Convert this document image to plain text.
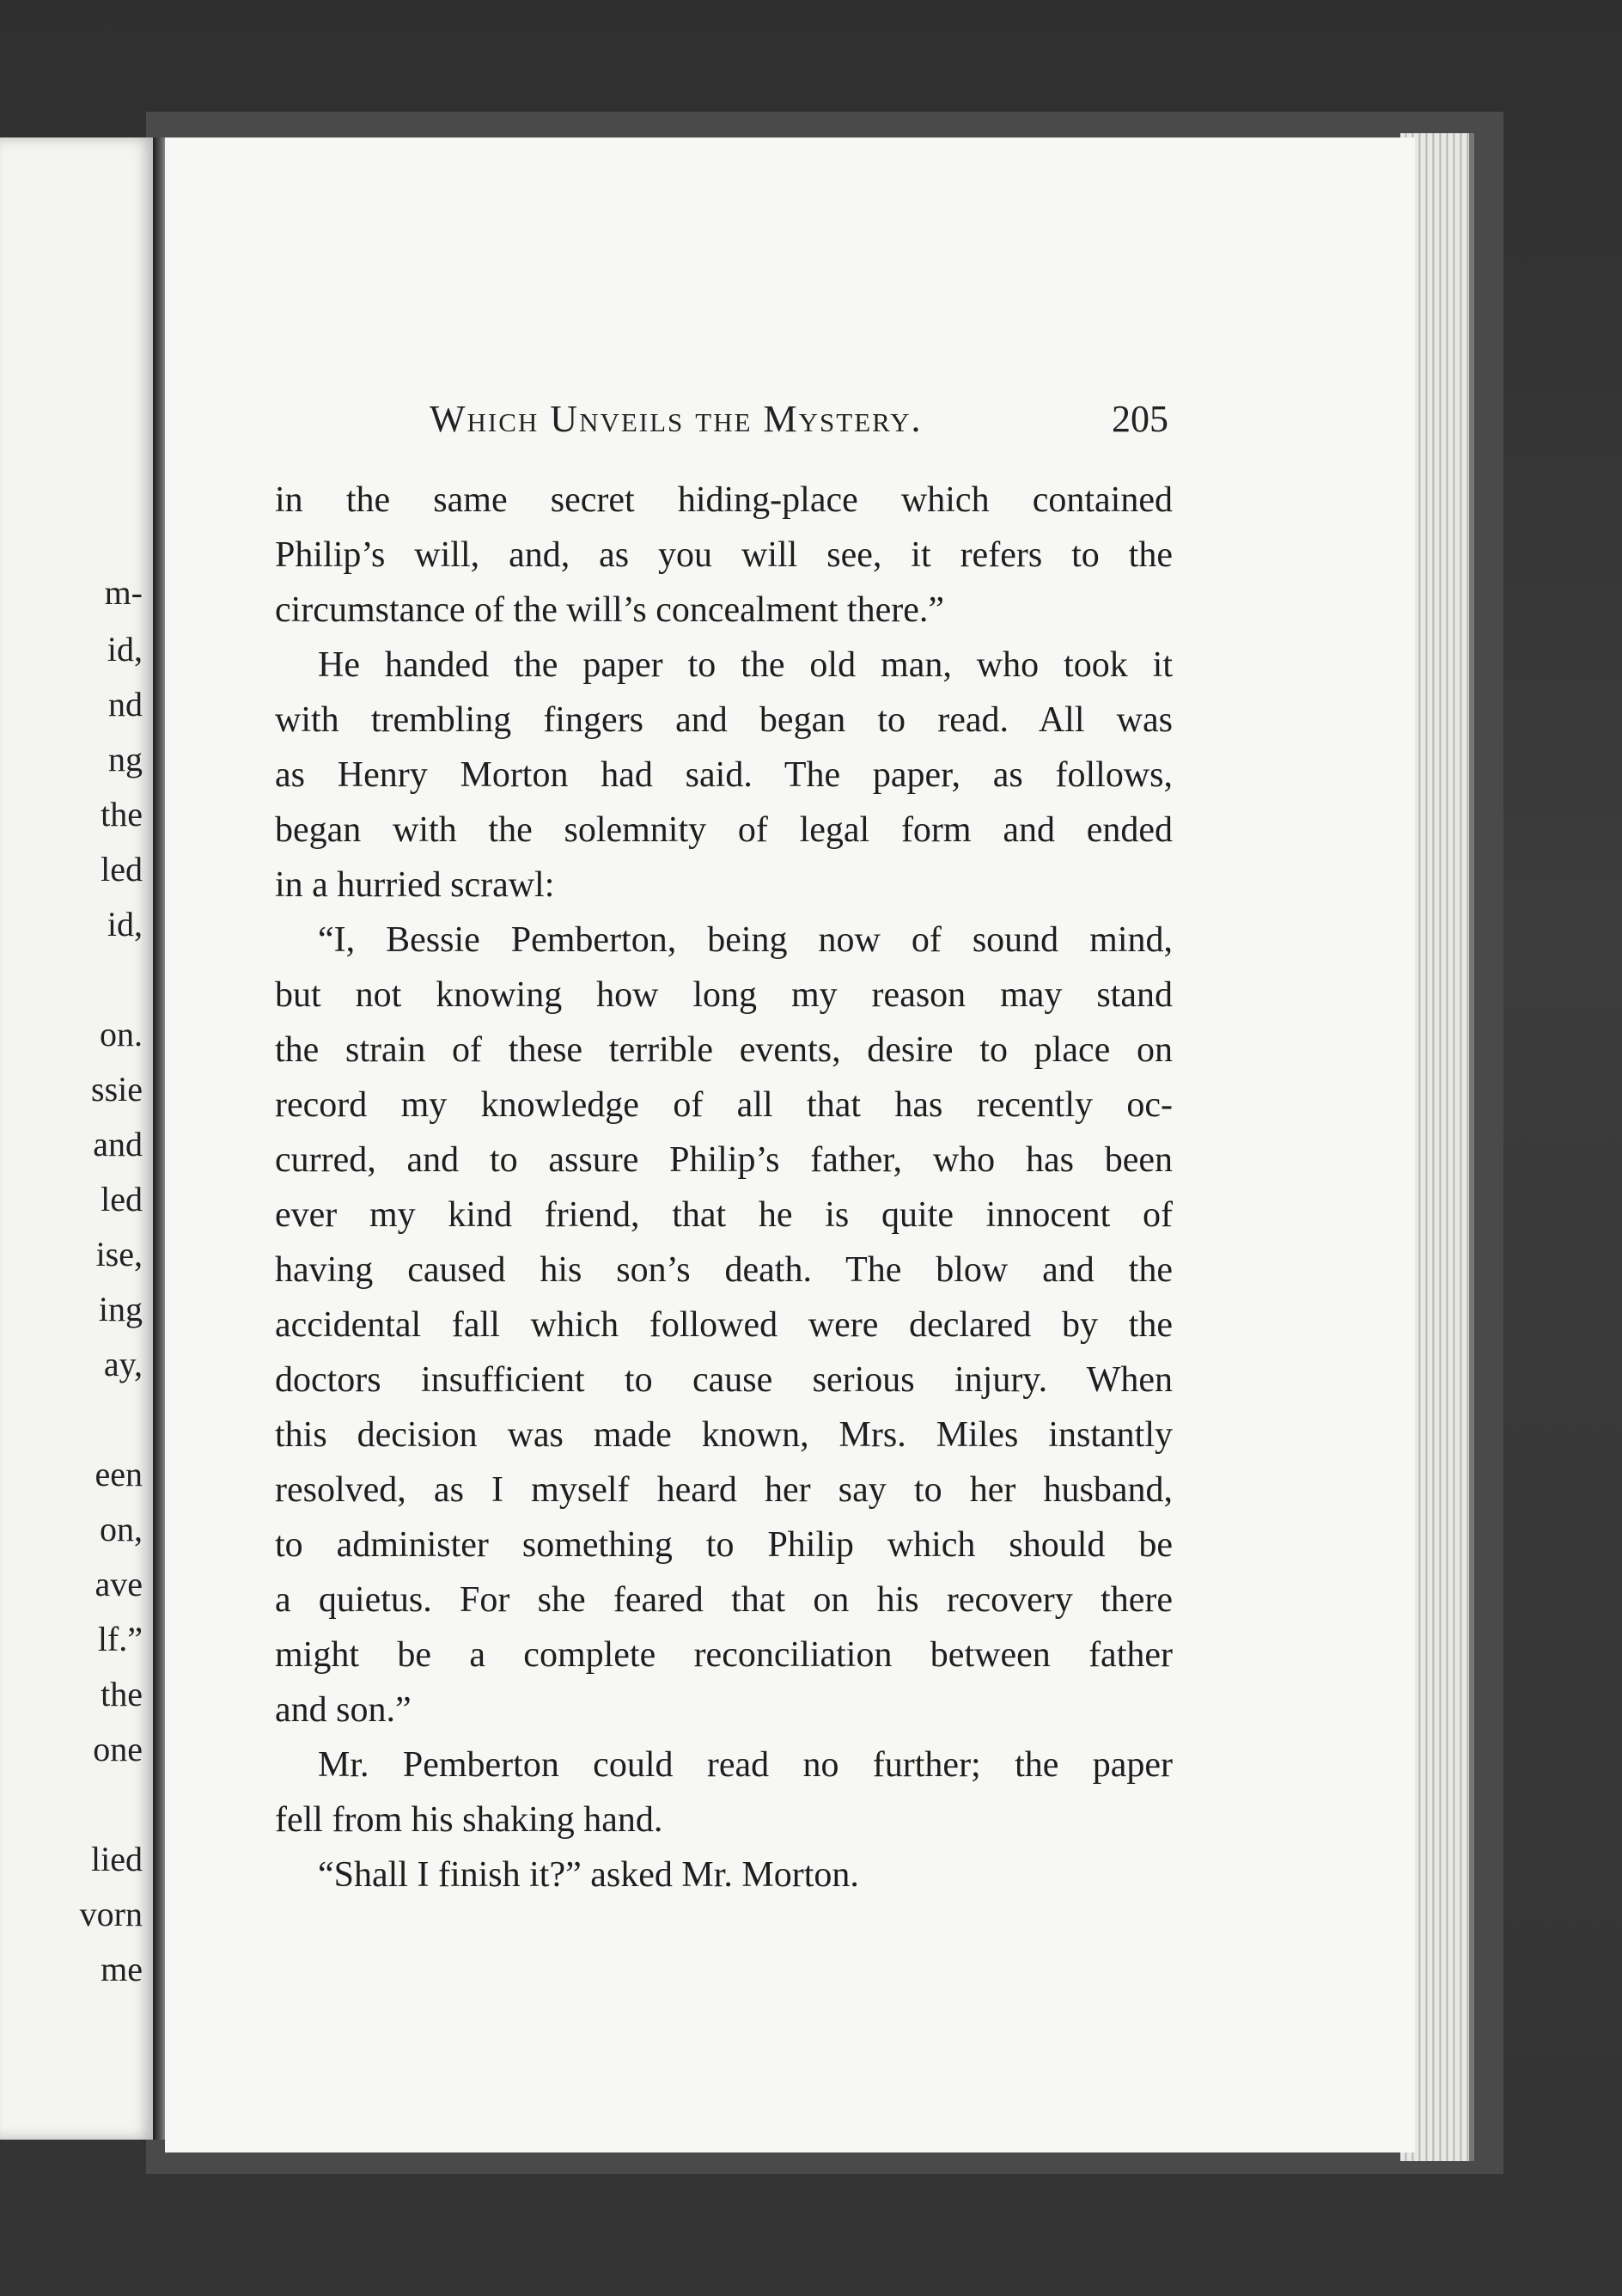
m-
id,
nd
ng
the
led
id,
on.
ssie
and
led
ise,
ing
ay,
een
on,
ave
lf.”
the
one
lied
vorn
me
Which Unveils the Mystery.	205
in the same secret hiding-place which contained
Philip’s will, and, as you will see, it refers to the
circumstance of the will’s concealment there.”
He handed the paper to the old man, who took it
with trembling fingers and began to read. All was
as Henry Morton had said. The paper, as follows,
began with the solemnity of legal form and ended
in a hurried scrawl:
“I, Bessie Pemberton, being now of sound mind,
but not knowing how long my reason may stand
the strain of these terrible events, desire to place on
record my knowledge of all that has recently oc-
curred, and to assure Philip’s father, who has been
ever my kind friend, that he is quite innocent of
having caused his son’s death. The blow and the
accidental fall which followed were declared by the
doctors insufficient to cause serious injury. When
this decision was made known, Mrs. Miles instantly
resolved, as I myself heard her say to her husband,
to administer something to Philip which should be
a quietus. For she feared that on his recovery there
might be a complete reconciliation between father
and son.”
Mr. Pemberton could read no further; the paper
fell from his shaking hand.
“Shall I finish it?” asked Mr. Morton.
